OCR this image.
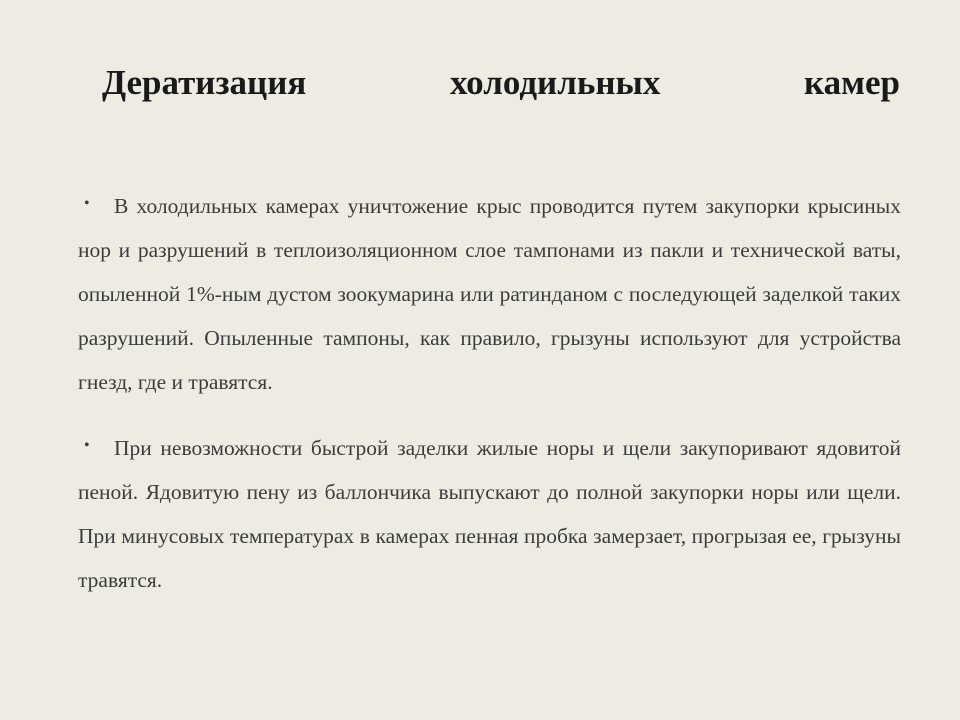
Дератизация	холодильных	камер

• В холодильных камерах уничтожение крыс проводится путем закупорки крысиных нор и разрушений в теплоизоляционном слое тампонами из пакли и технической ваты, опыленной 1%-ным дустом зоокумарина или ратинданом с последующей заделкой таких разрушений. Опыленные тампоны, как правило, грызуны используют для устройства гнезд, где и травятся.

• При невозможности быстрой заделки жилые норы и щели закупоривают ядовитой пеной. Ядовитую пену из баллончика выпускают до полной закупорки норы или щели. При минусовых температурах в камерах пенная пробка замерзает, прогрызая ее, грызуны травятся.
